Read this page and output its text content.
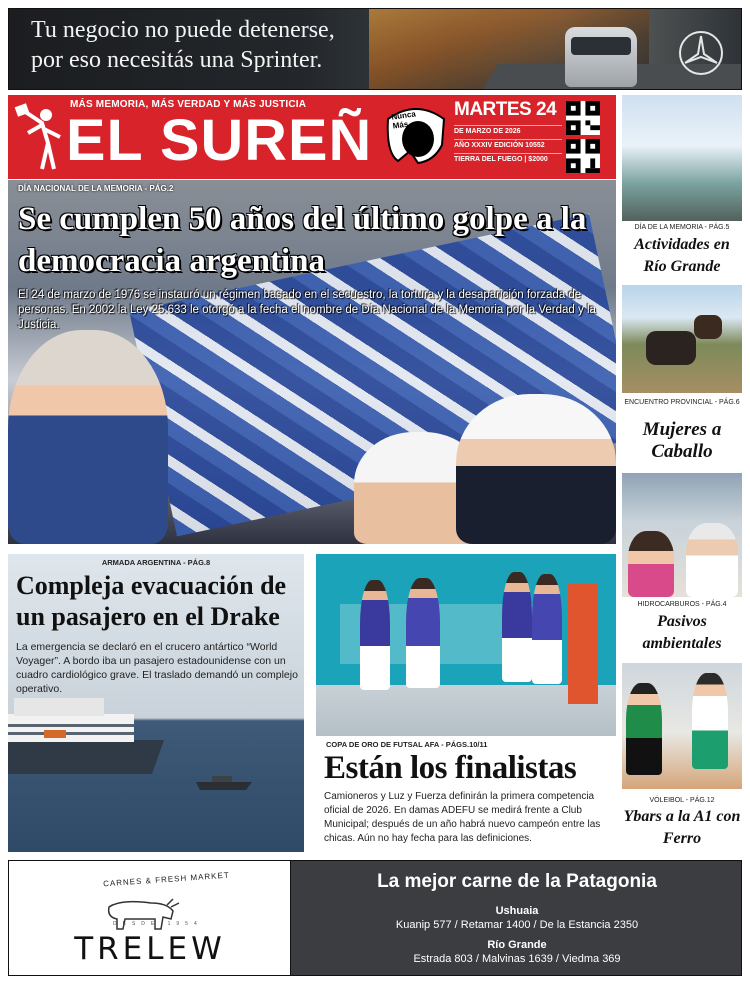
Tu negocio no puede detenerse,
por eso necesitás una Sprinter.
MÁS MEMORIA, MÁS VERDAD Y MÁS JUSTICIA
EL SUREÑ Nunca
Más
MARTES 24
DE MARZO DE 2026
AÑO XXXIV EDICIÓN 10552
TIERRA DEL FUEGO | $2000
DÍA NACIONAL DE LA MEMORIA - PÁG.2
Se cumplen 50 años del último golpe a la democracia argentina
El 24 de marzo de 1976 se instauró un régimen basado en el secuestro, la tortura y la desaparición forzada de personas. En 2002 la Ley 25.633 le otorgó a la fecha el nombre de Día Nacional de la Memoria por la Verdad y la Justicia.
DÍA DE LA MEMORIA - PÁG.5
Actividades en Río Grande
ENCUENTRO PROVINCIAL - PÁG.6
Mujeres a Caballo
HIDROCARBUROS - PÁG.4
Pasivos ambientales
VÓLEIBOL - PÁG.12
Ybars a la A1 con Ferro
ARMADA ARGENTINA - PÁG.8
Compleja evacuación de un pasajero en el Drake
La emergencia se declaró en el crucero antártico “World Voyager”. A bordo iba un pasajero estadounidense con un cuadro cardiológico grave. El traslado demandó un complejo operativo.
COPA DE ORO DE FUTSAL AFA - PÁGS.10/11
Están los finalistas
Camioneros y Luz y Fuerza definirán la primera competencia oficial de 2026. En damas ADEFU se medirá frente a Club Municipal; después de un año habrá nuevo campeón entre las chicas. Aún no hay fecha para las definiciones.
CARNES & FRESH MARKET
DESDE 1954
TRELEW
La mejor carne de la Patagonia
Ushuaia
Kuanip 577 / Retamar 1400 / De la Estancia 2350
Río Grande
Estrada 803 / Malvinas 1639 / Viedma 369
